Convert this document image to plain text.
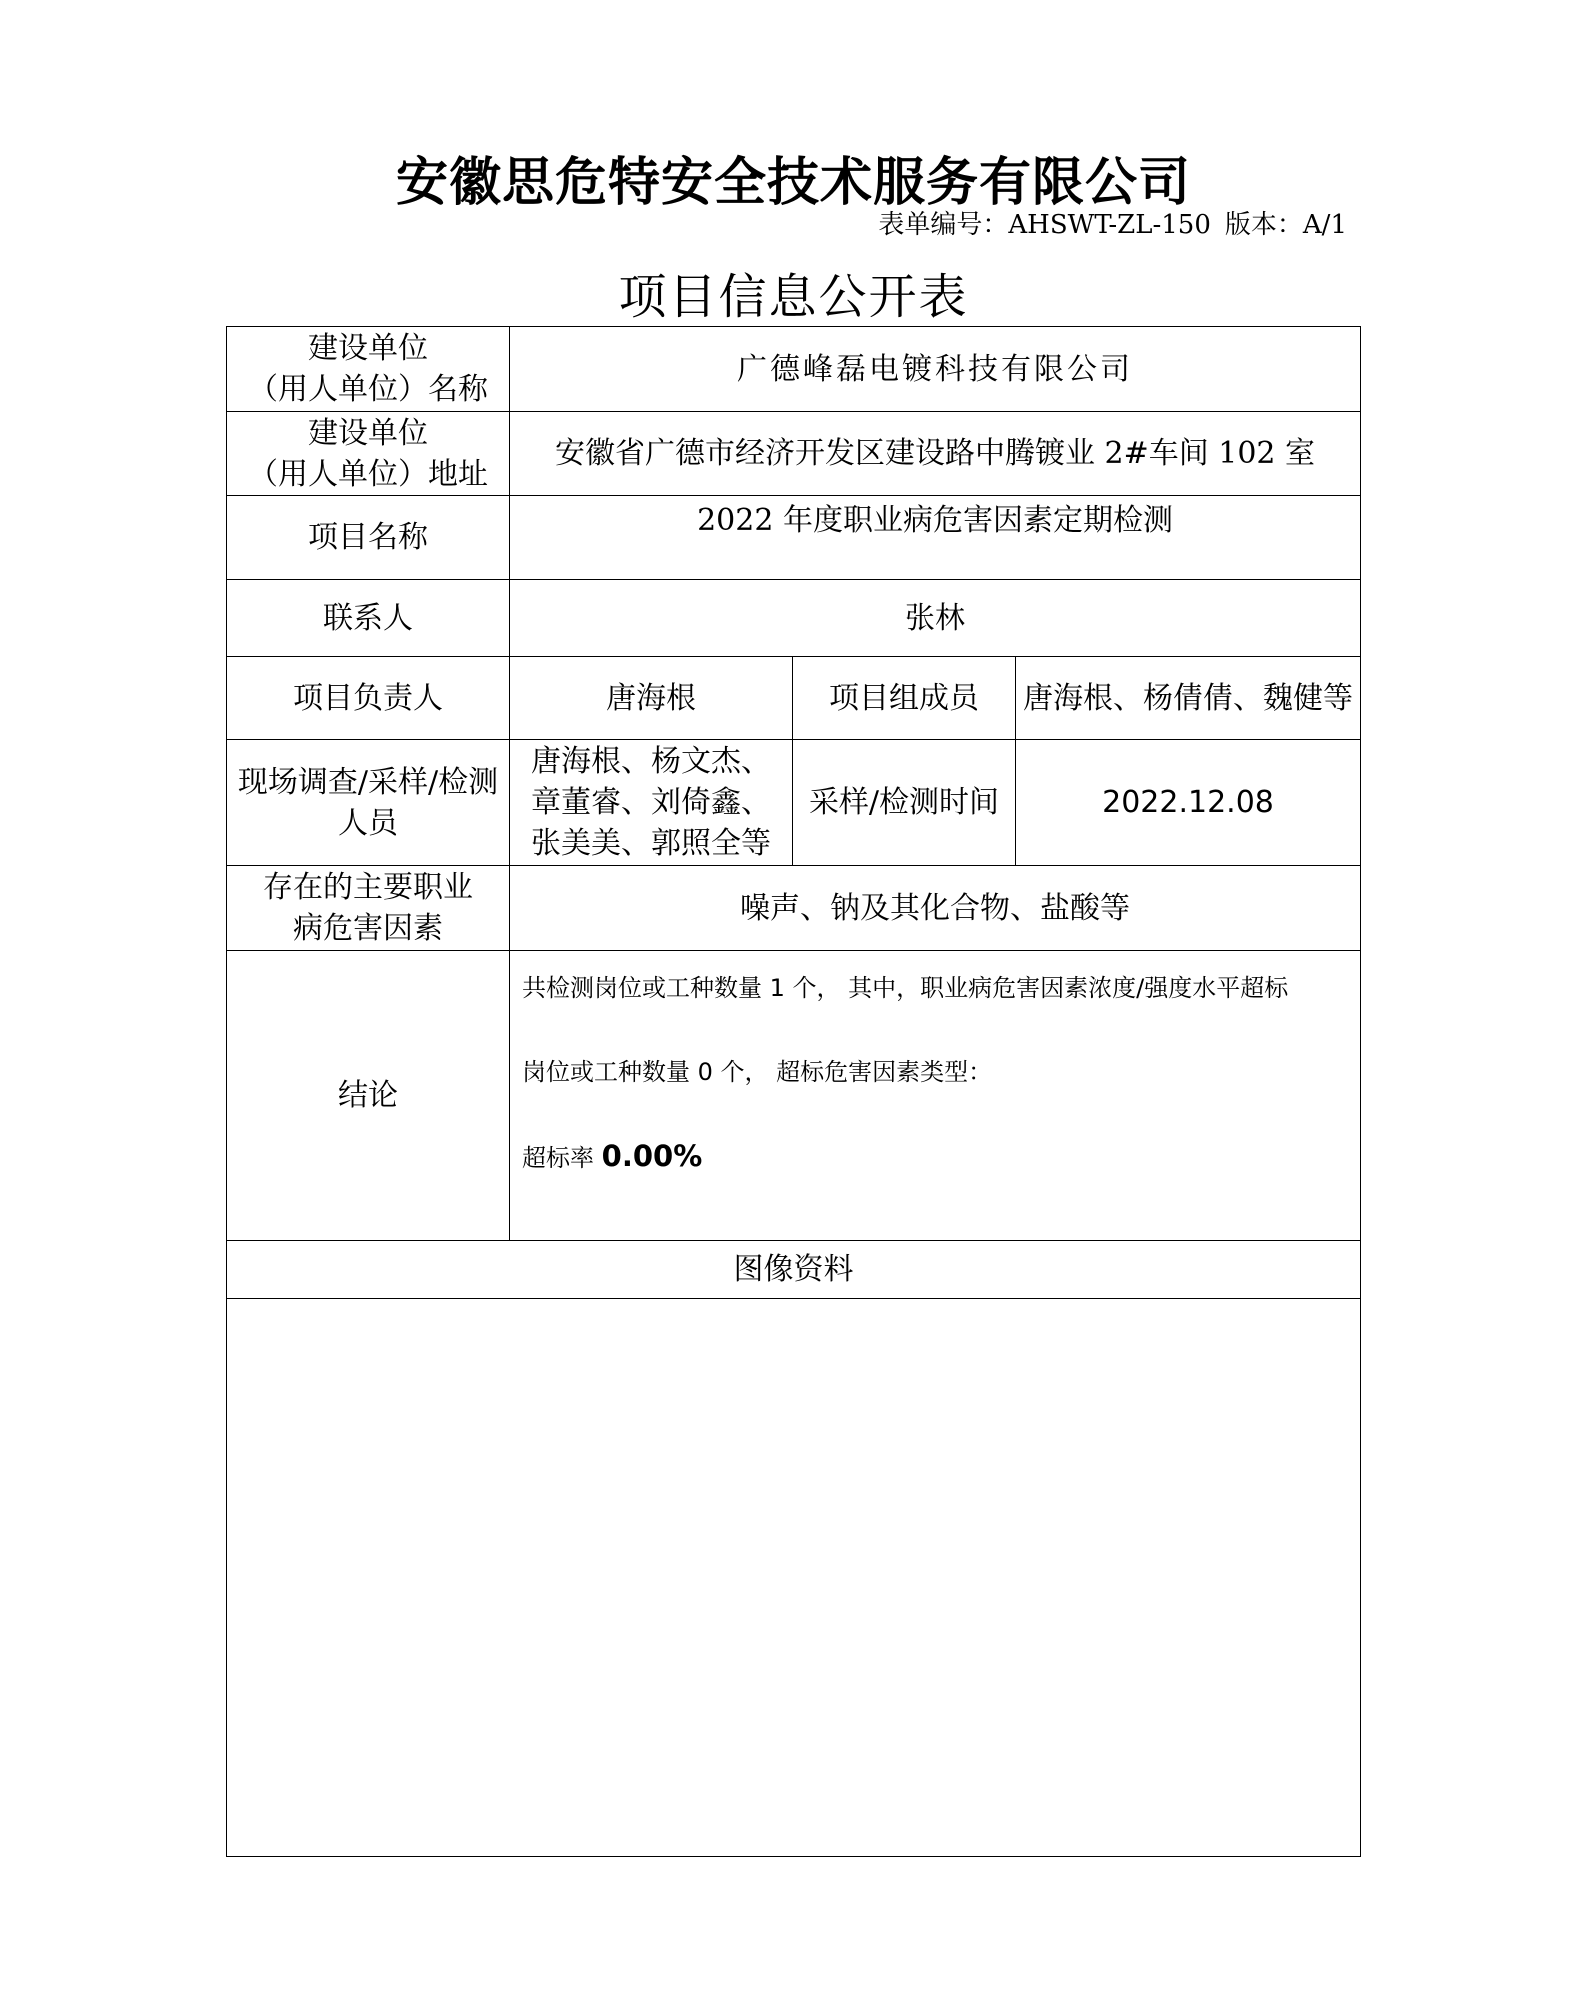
安徽思危特安全技术服务有限公司
表单编号：AHSWT-ZL-150 版本：A/1
项目信息公开表
建设单位
（用人单位）名称	广德峰磊电镀科技有限公司		

建设单位
（用人单位）地址	安徽省广德市经济开发区建设路中腾镀业 2#车间 102 室		
项目名称	2022 年度职业病危害因素定期检测		
联系人	张林		
项目负责人	唐海根	项目组成员	唐海根、杨倩倩、魏健等
现场调查/采样/检测人员	唐海根、杨文杰、
章董睿、刘倚鑫、
张美美、郭照全等	采样/检测时间	2022.12.08

存在的主要职业
病危害因素	噪声、钠及其化合物、盐酸等		
结论	共检测岗位或工种数量 1 个， 其中，职业病危害因素浓度/强度水平超标

岗位或工种数量 0 个， 超标危害因素类型：

超标率 0.00%		

图像资料			
